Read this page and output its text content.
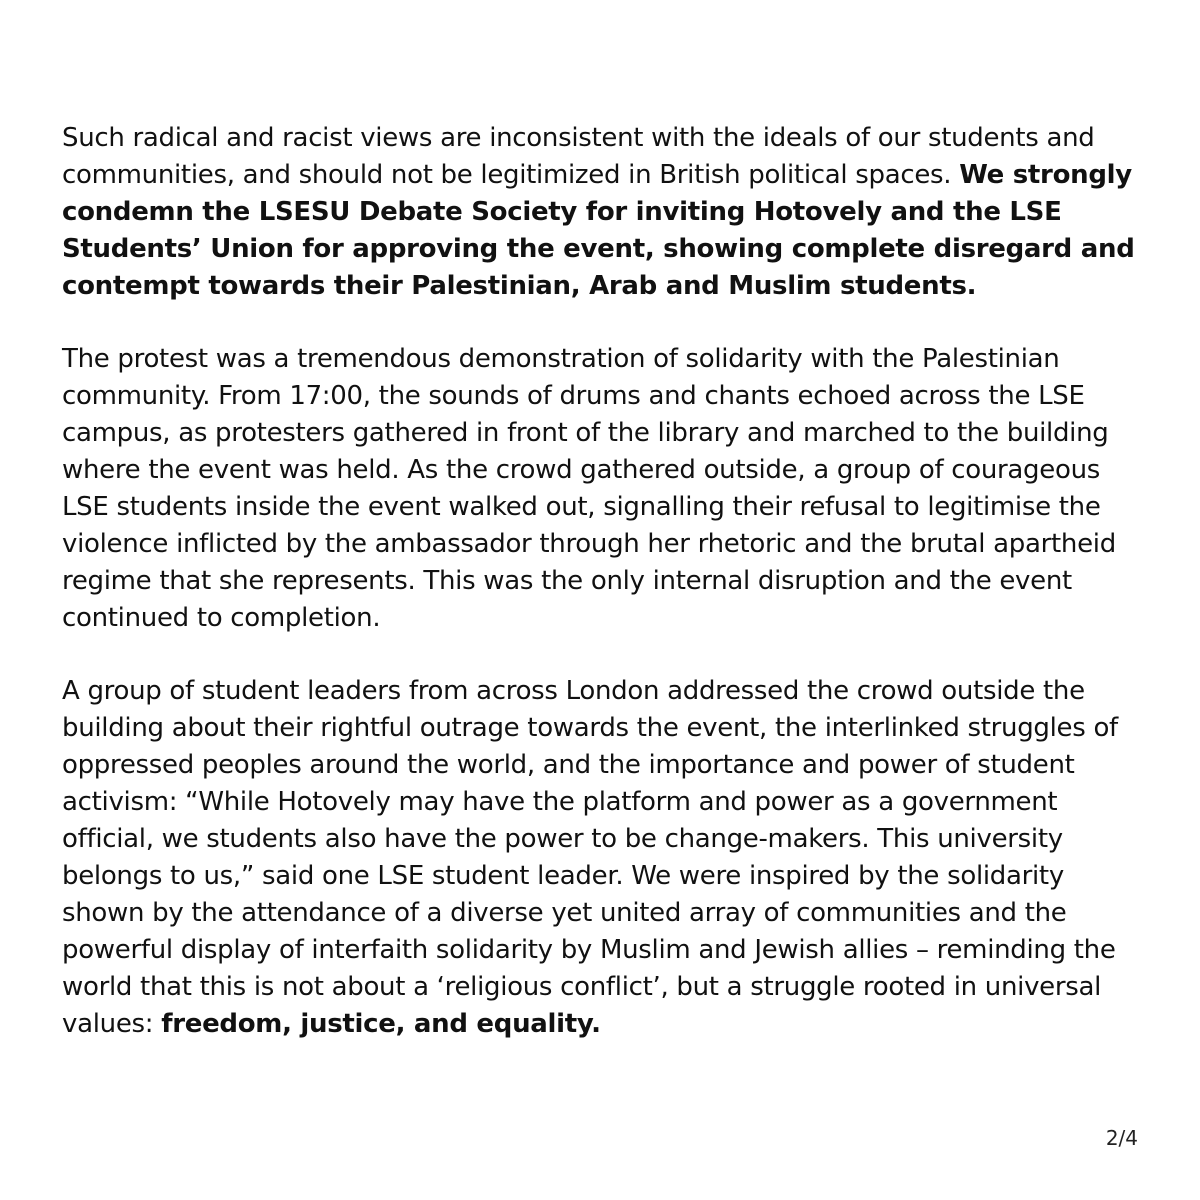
Such radical and racist views are inconsistent with the ideals of our students and communities, and should not be legitimized in British political spaces. We strongly condemn the LSESU Debate Society for inviting Hotovely and the LSE Students’ Union for approving the event, showing complete disregard and contempt towards their Palestinian, Arab and Muslim students.

The protest was a tremendous demonstration of solidarity with the Palestinian community. From 17:00, the sounds of drums and chants echoed across the LSE campus, as protesters gathered in front of the library and marched to the building where the event was held. As the crowd gathered outside, a group of courageous LSE students inside the event walked out, signalling their refusal to legitimise the violence inflicted by the ambassador through her rhetoric and the brutal apartheid regime that she represents. This was the only internal disruption and the event continued to completion.

A group of student leaders from across London addressed the crowd outside the building about their rightful outrage towards the event, the interlinked struggles of oppressed peoples around the world, and the importance and power of student activism: “While Hotovely may have the platform and power as a government official, we students also have the power to be change-makers. This university belongs to us,” said one LSE student leader. We were inspired by the solidarity shown by the attendance of a diverse yet united array of communities and the powerful display of interfaith solidarity by Muslim and Jewish allies – reminding the world that this is not about a ‘religious conflict’, but a struggle rooted in universal values: freedom, justice, and equality.

2/4
